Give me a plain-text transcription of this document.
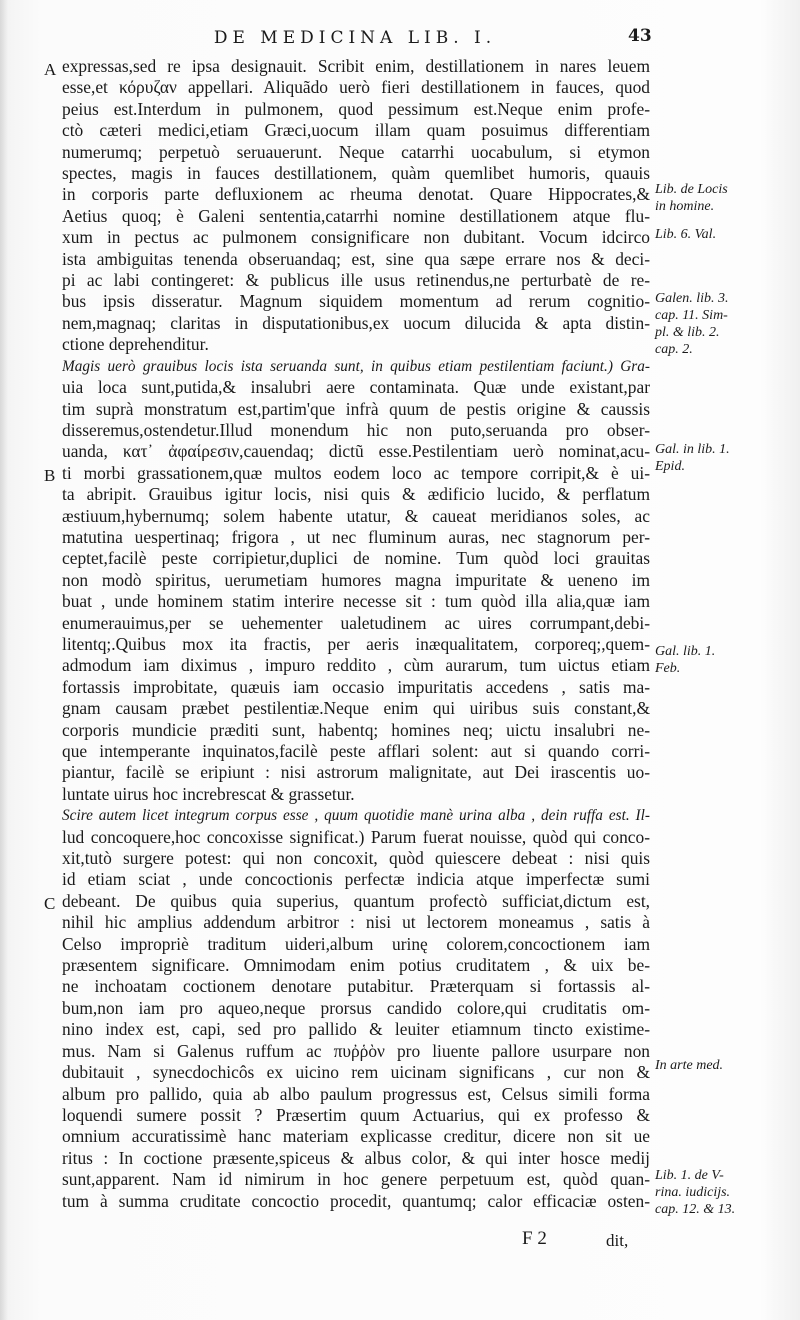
DE MEDICINA LIB. I.	43
A
B
C
expressas,sed re ipsa designauit. Scribit enim, destillationem in nares leuem
esse,et κόρυζαν appellari. Aliquãdo uerò fieri destillationem in fauces, quod
peius est.Interdum in pulmonem, quod pessimum est.Neque enim profe-
ctò cæteri medici,etiam Græci,uocum illam quam posuimus differentiam
numerumq; perpetuò seruauerunt. Neque catarrhi uocabulum, si etymon
spectes, magis in fauces destillationem, quàm quemlibet humoris, quauis
in corporis parte defluxionem ac rheuma denotat. Quare Hippocrates,&
Aetius quoq; è Galeni sententia,catarrhi nomine destillationem atque flu-
xum in pectus ac pulmonem consignificare non dubitant. Vocum idcirco
ista ambiguitas tenenda obseruandaq; est, sine qua sæpe errare nos & deci-
pi ac labi contingeret: & publicus ille usus retinendus,ne perturbatè de re-
bus ipsis disseratur. Magnum siquidem momentum ad rerum cognitio-
nem,magnaq; claritas in disputationibus,ex uocum dilucida & apta distin-
ctione deprehenditur.
Magis uerò grauibus locis ista seruanda sunt, in quibus etiam pestilentiam faciunt.) Gra-
uia loca sunt,putida,& insalubri aere contaminata. Quæ unde existant,par
tim suprà monstratum est,partim'que infrà quum de pestis origine & caussis
disseremus,ostendetur.Illud monendum hic non puto,seruanda pro obser-
uanda, κατ᾽ ἀφαίρεσιν,cauendaq; dictũ esse.Pestilentiam uerò nominat,acu-
ti morbi grassationem,quæ multos eodem loco ac tempore corripit,& è ui-
ta abripit. Grauibus igitur locis, nisi quis & ædificio lucido, & perflatum
æstiuum,hybernumq; solem habente utatur, & caueat meridianos soles, ac
matutina uespertinaq; frigora , ut nec fluminum auras, nec stagnorum per-
ceptet,facilè peste corripietur,duplici de nomine. Tum quòd loci grauitas
non modò spiritus, uerumetiam humores magna impuritate & ueneno im
buat , unde hominem statim interire necesse sit : tum quòd illa alia,quæ iam
enumerauimus,per se uehementer ualetudinem ac uires corrumpant,debi-
litentq;.Quibus mox ita fractis, per aeris inæqualitatem, corporeq;,quem-
admodum iam diximus , impuro reddito , cùm aurarum, tum uictus etiam
fortassis improbitate, quæuis iam occasio impuritatis accedens , satis ma-
gnam causam præbet pestilentiæ.Neque enim qui uiribus suis constant,&
corporis mundicie præditi sunt, habentq; homines neq; uictu insalubri ne-
que intemperante inquinatos,facilè peste afflari solent: aut si quando corri-
piantur, facilè se eripiunt : nisi astrorum malignitate, aut Dei irascentis uo-
luntate uirus hoc increbrescat & grassetur.
Scire autem licet integrum corpus esse , quum quotidie manè urina alba , dein ruffa est. Il-
lud concoquere,hoc concoxisse significat.) Parum fuerat nouisse, quòd qui conco-
xit,tutò surgere potest: qui non concoxit, quòd quiescere debeat : nisi quis
id etiam sciat , unde concoctionis perfectæ indicia atque imperfectæ sumi
debeant. De quibus quia superius, quantum profectò sufficiat,dictum est,
nihil hic amplius addendum arbitror : nisi ut lectorem moneamus , satis à
Celso impropriè traditum uideri,album urinę colorem,concoctionem iam
præsentem significare. Omnimodam enim potius cruditatem , & uix be-
ne inchoatam coctionem denotare putabitur. Præterquam si fortassis al-
bum,non iam pro aqueo,neque prorsus candido colore,qui cruditatis om-
nino index est, capi, sed pro pallido & leuiter etiamnum tincto existime-
mus. Nam si Galenus ruffum ac πυῤῥὸν pro liuente pallore usurpare non
dubitauit , synecdochicôs ex uicino rem uicinam significans , cur non &
album pro pallido, quia ab albo paulum progressus est, Celsus simili forma
loquendi sumere possit ? Præsertim quum Actuarius, qui ex professo &
omnium accuratissimè hanc materiam explicasse creditur, dicere non sit ue
ritus : In coctione præsente,spiceus & albus color, & qui inter hosce medij
sunt,apparent. Nam id nimirum in hoc genere perpetuum est, quòd quan-
tum à summa cruditate concoctio procedit, quantumq; calor efficaciæ osten-
Lib. de Locis
in homine.
Lib. 6. Val.
Galen. lib. 3.
cap. 11. Sim-
pl. & lib. 2.
cap. 2.
Gal. in lib. 1.
Epid.
Gal. lib. 1.
Feb.
In arte med.
Lib. 1. de V-
rina. iudicijs.
cap. 12. & 13.
F 2	dit,
